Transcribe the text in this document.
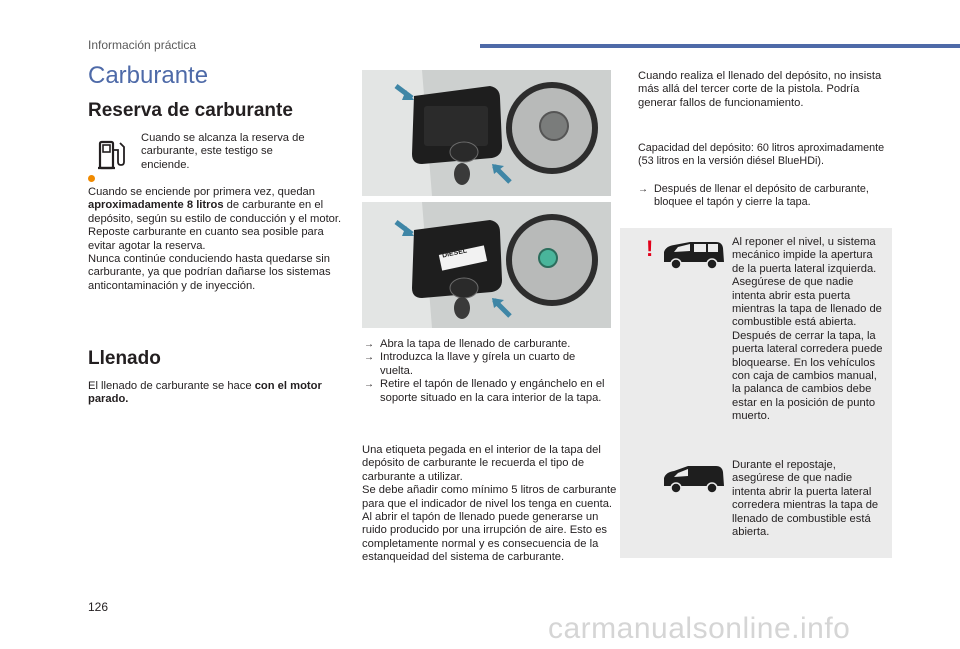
Información práctica
Carburante
Reserva de carburante
Cuando se alcanza la reserva de carburante, este testigo se enciende.
Cuando se enciende por primera vez, quedan aproximadamente 8 litros de carburante en el depósito, según su estilo de conducción y el motor.
Reposte carburante en cuanto sea posible para evitar agotar la reserva.
Nunca continúe conduciendo hasta quedarse sin carburante, ya que podrían dañarse los sistemas anticontaminación y de inyección.
Llenado
El llenado de carburante se hace con el motor parado.
DIESEL
→ Abra la tapa de llenado de carburante.
→ Introduzca la llave y gírela un cuarto de vuelta.
→ Retire el tapón de llenado y engánchelo en el soporte situado en la cara interior de la tapa.
Una etiqueta pegada en el interior de la tapa del depósito de carburante le recuerda el tipo de carburante a utilizar.
Se debe añadir como mínimo 5 litros de carburante para que el indicador de nivel los tenga en cuenta.
Al abrir el tapón de llenado puede generarse un ruido producido por una irrupción de aire. Esto es completamente normal y es consecuencia de la estanqueidad del sistema de carburante.
Cuando realiza el llenado del depósito, no insista más allá del tercer corte de la pistola. Podría generar fallos de funcionamiento.
Capacidad del depósito: 60 litros aproximadamente (53 litros en la versión diésel BlueHDi).
→ Después de llenar el depósito de carburante, bloquee el tapón y cierre la tapa.
!	Al reponer el nivel, u sistema mecánico impide la apertura de la puerta lateral izquierda. Asegúrese de que nadie intenta abrir esta puerta mientras la tapa de llenado de combustible está abierta. Después de cerrar la tapa, la puerta lateral corredera puede bloquearse. En los vehículos con caja de cambios manual, la palanca de cambios debe estar en la posición de punto muerto.
Durante el repostaje, asegúrese de que nadie intenta abrir la puerta lateral corredera mientras la tapa de llenado de combustible está abierta.
126
carmanualsonline.info
